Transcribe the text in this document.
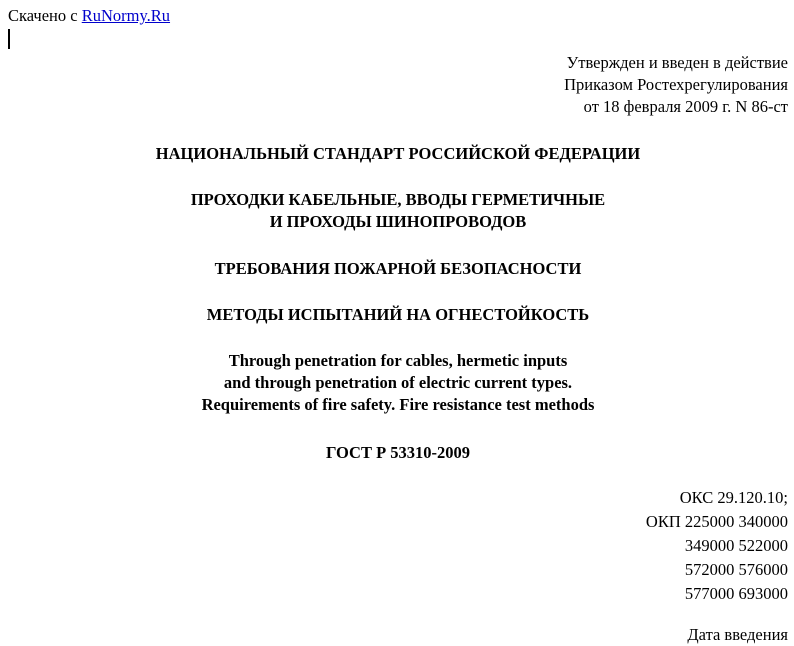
Скачено с RuNormy.Ru
Утвержден и введен в действие
Приказом Ростехрегулирования
от 18 февраля 2009 г. N 86-ст
НАЦИОНАЛЬНЫЙ СТАНДАРТ РОССИЙСКОЙ ФЕДЕРАЦИИ
ПРОХОДКИ КАБЕЛЬНЫЕ, ВВОДЫ ГЕРМЕТИЧНЫЕ
И ПРОХОДЫ ШИНОПРОВОДОВ
ТРЕБОВАНИЯ ПОЖАРНОЙ БЕЗОПАСНОСТИ
МЕТОДЫ ИСПЫТАНИЙ НА ОГНЕСТОЙКОСТЬ
Through penetration for cables, hermetic inputs
and through penetration of electric current types.
Requirements of fire safety. Fire resistance test methods
ГОСТ Р 53310-2009
ОКС 29.120.10;
ОКП 225000 340000
349000 522000
572000 576000
577000 693000
Дата введения
